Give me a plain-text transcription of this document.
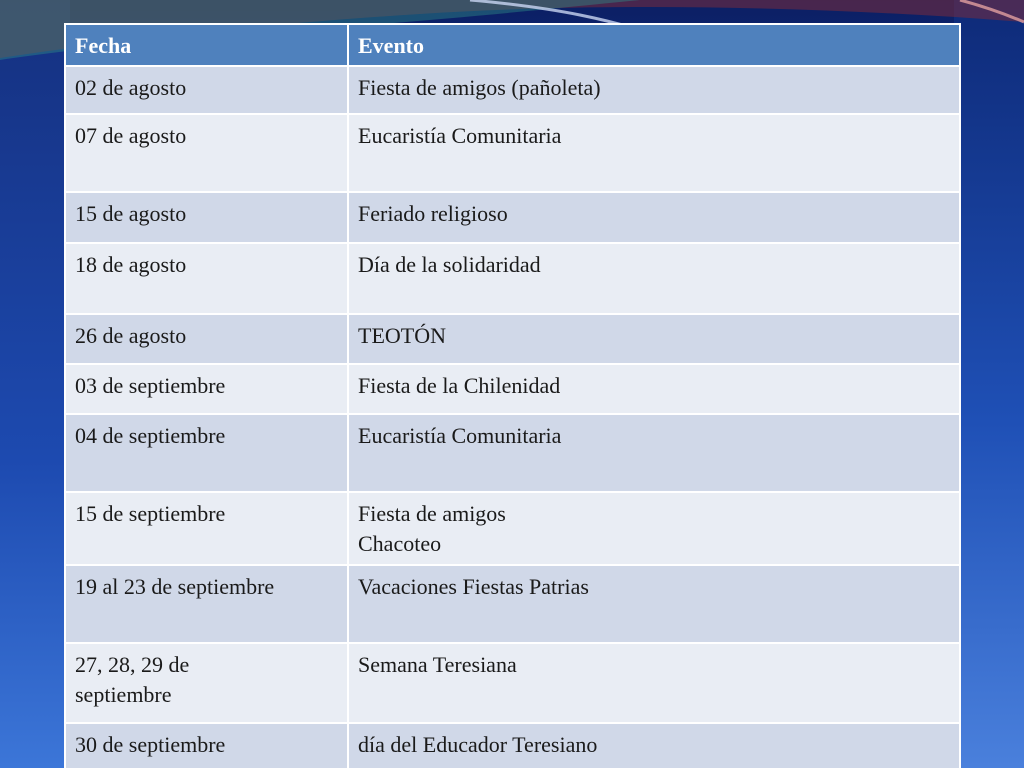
Fecha	Evento

02 de agosto	Fiesta de amigos (pañoleta)

07 de agosto	Eucaristía Comunitaria

15 de agosto	Feriado religioso

18 de agosto	Día de la solidaridad

26 de agosto	TEOTÓN

03 de septiembre	Fiesta de la Chilenidad

04 de septiembre	Eucaristía Comunitaria

15 de septiembre	Fiesta de amigos
Chacoteo

19 al 23 de septiembre	Vacaciones Fiestas Patrias

27, 28, 29 de
septiembre	Semana Teresiana

30 de septiembre	día del Educador Teresiano
